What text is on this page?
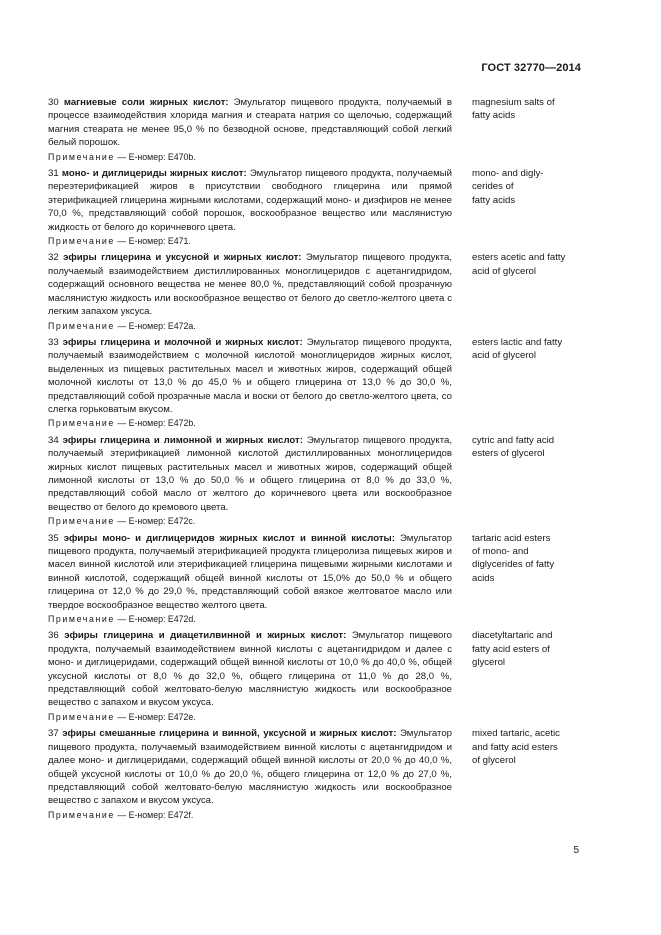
ГОСТ 32770—2014

30 магниевые соли жирных кислот: Эмульгатор пищевого продукта, получаемый в процессе взаимодействия хлорида магния и стеарата натрия со щелочью, содержащий магния стеарата не менее 95,0 % по безводной основе, представляющий собой легкий белый порошок.

Примечание — E-номер: E470b.

magnesium salts of
fatty acids

31 моно- и диглицериды жирных кислот: Эмульгатор пищевого продукта, получаемый переэтерификацией жиров в присутствии свободного глицерина или прямой этерификацией глицерина жирными кислотами, содержащий моно- и диэфиров не менее 70,0 %, представляющий собой порошок, воскообразное вещество или маслянистую жидкость от белого до коричневого цвета.

Примечание — E-номер: E471.

mono- and digly-
cerides of
fatty acids

32 эфиры глицерина и уксусной и жирных кислот: Эмульгатор пищевого продукта, получаемый взаимодействием дистиллированных моноглицеридов с ацетангидридом, содержащий основного вещества не менее 80,0 %, представляющий собой прозрачную маслянистую жидкость или воскообразное вещество от белого до светло-желтого цвета с легким запахом уксуса.

Примечание — E-номер: E472a.

esters acetic and fatty
acid of glycerol

33 эфиры глицерина и молочной и жирных кислот: Эмульгатор пищевого продукта, получаемый взаимодействием с молочной кислотой моноглицеридов жирных кислот, выделенных из пищевых растительных масел и животных жиров, содержащий общей молочной кислоты от 13,0 % до 45,0 % и общего глицерина от 13,0 % до 30,0 %, представляющий собой прозрачные масла и воски от белого до светло-желтого цвета, со слегка горьковатым вкусом.

Примечание — E-номер: E472b.

esters lactic and fatty
acid of glycerol

34 эфиры глицерина и лимонной и жирных кислот: Эмульгатор пищевого продукта, получаемый этерификацией лимонной кислотой дистиллированных моноглицеридов жирных кислот пищевых растительных масел и животных жиров, содержащий общей лимонной кислоты от 13,0 % до 50,0 % и общего глицерина от 8,0 % до 33,0 %, представляющий собой масло от желтого до коричневого цвета или воскообразное вещество от белого до кремового цвета.

Примечание — E-номер: E472c.

cytric and fatty acid
esters of glycerol

35 эфиры моно- и диглицеридов жирных кислот и винной кислоты: Эмульгатор пищевого продукта, получаемый этерификацией продукта глицеролиза пищевых жиров и масел винной кислотой или этерификацией глицерина пищевыми жирными кислотами и винной кислотой, содержащий общей винной кислоты от 15,0% до 50,0 % и общего глицерина от 12,0 % до 29,0 %, представляющий собой вязкое желтоватое масло или твердое воскообразное вещество желтого цвета.

Примечание — E-номер: E472d.

tartaric acid esters
of mono- and
diglycerides of fatty
acids

36 эфиры глицерина и диацетилвинной и жирных кислот: Эмульгатор пищевого продукта, получаемый взаимодействием винной кислоты с ацетангидридом и далее с моно- и диглицеридами, содержащий общей винной кислоты от 10,0 % до 40,0 %, общей уксусной кислоты от 8,0 % до 32,0 %, общего глицерина от 11,0 % до 28,0 %, представляющий собой желтовато-белую маслянистую жидкость или воскообразное вещество с запахом и вкусом уксуса.

Примечание — E-номер: E472e.

diacetyltartaric and
fatty acid esters of
glycerol

37 эфиры смешанные глицерина и винной, уксусной и жирных кислот: Эмульгатор пищевого продукта, получаемый взаимодействием винной кислоты с ацетангидридом и далее моно- и диглицеридами, содержащий общей винной кислоты от 20,0 % до 40,0 %, общей уксусной кислоты от 10,0 % до 20,0 %, общего глицерина от 12,0 % до 27,0 %, представляющий собой желтовато-белую маслянистую жидкость или воскообразное вещество с запахом и вкусом уксуса.

Примечание — E-номер: E472f.

mixed tartaric, acetic
and fatty acid esters
of glycerol
5
